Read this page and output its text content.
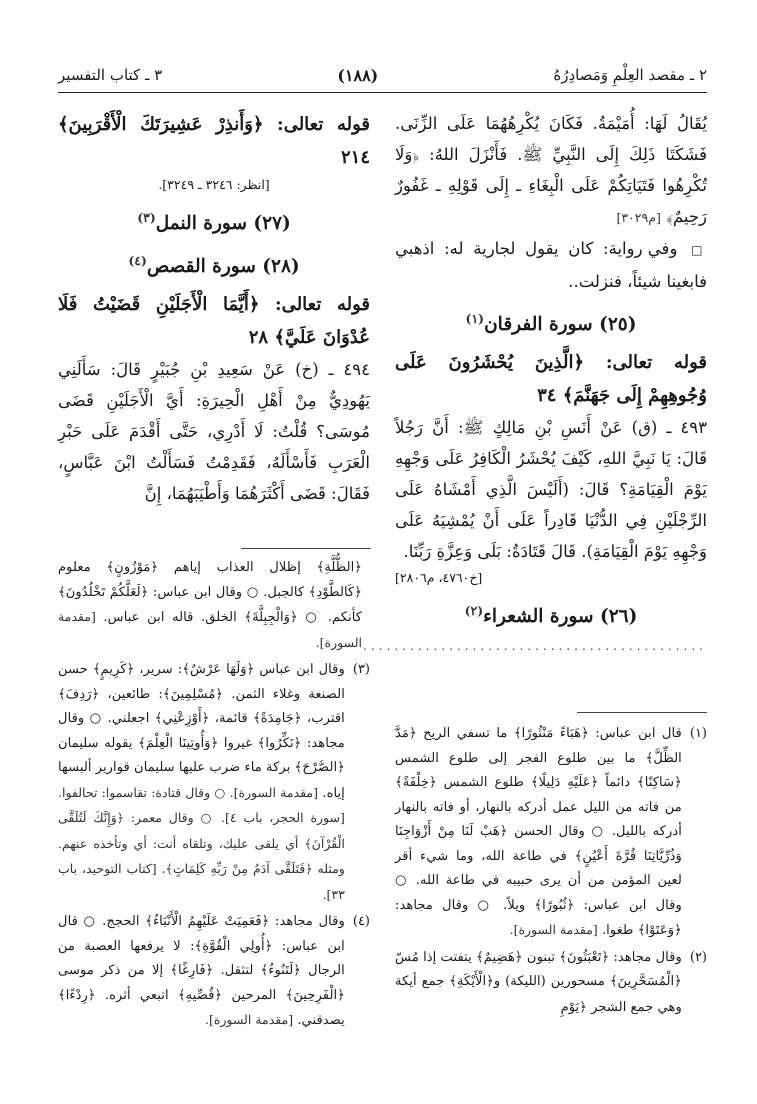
٢ ـ مقصد العِلْمِ وَمَصادِرُهُ
(١٨٨)
٣ ـ كتاب التفسير

يُقَالُ لَهَا: أُمَيْمَةُ. فَكَانَ يُكْرِهُهُمَا عَلَى الزِّنَى. فَشَكَتَا ذَلِكَ إِلَى النَّبِيِّ ﷺ. فَأَنْزَلَ اللهُ: ﴿وَلَا تُكْرِهُوا فَتَيَاتِكُمْ عَلَى الْبِغَاءِ ـ إِلَى قَوْلِهِ ـ غَفُورٌ رَحِيمٌ﴾ [م٣٠٢٩]

□ وفي رواية: كان يقول لجارية له: اذهبي فابغينا شيئاً، فنزلت..

(٢٥) سورة الفرقان$^{(١)}$

قوله تعالى: ﴿الَّذِينَ يُحْشَرُونَ عَلَى وُجُوهِهِمْ إِلَى جَهَنَّمَ﴾ ٣٤

٤٩٣ ـ (ق) عَنْ أَنَسِ بْنِ مَالِكٍ ﷺ: أَنَّ رَجُلاً قَالَ: يَا نَبِيَّ اللهِ، كَيْفَ يُحْشَرُ الْكَافِرُ عَلَى وَجْهِهِ يَوْمَ الْقِيَامَةِ؟ قَالَ: (أَلَيْسَ الَّذِي أَمْشَاهُ عَلَى الرِّجْلَيْنِ فِي الدُّنْيَا قَادِراً عَلَى أَنْ يُمْشِيَهُ عَلَى وَجْهِهِ يَوْمَ الْقِيَامَةِ). قَالَ قَتَادَةُ: بَلَى وَعِزَّةِ رَبِّنَا.

[خ٤٧٦٠، م٢٨٠٦]

(٢٦) سورة الشعراء$^{(٢)}$
............................................

قوله تعالى: ﴿وَأَنذِرْ عَشِيرَتَكَ الْأَقْرَبِينَ﴾ ٢١٤

[انظر: ٣٢٤٦ ـ ٣٢٤٩].

(٢٧) سورة النمل$^{(٣)}$
(٢٨) سورة القصص$^{(٤)}$

قوله تعالى: ﴿أَيَّمَا الْأَجَلَيْنِ قَضَيْتُ فَلَا عُدْوَانَ عَلَيَّ﴾ ٢٨

٤٩٤ ـ (خ) عَنْ سَعِيدِ بْنِ جُبَيْرٍ قَالَ: سَأَلَنِي يَهُودِيٌّ مِنْ أَهْلِ الْحِيرَةِ: أَيَّ الْأَجَلَيْنِ قَضَى مُوسَى؟ قُلْتُ: لَا أَدْرِي، حَتَّى أَقْدَمَ عَلَى حَبْرِ الْعَرَبِ فَأَسْأَلَهُ، فَقَدِمْتُ فَسَأَلْتُ ابْنَ عَبَّاسٍ، فَقَالَ: قَضَى أَكْثَرَهُمَا وَأَطْيَبَهُمَا، إِنَّ

(١)
قال ابن عباس: ﴿هَبَاءً مَنْثُورًا﴾ ما تسفي الريح ﴿مَدَّ الظِّلَّ﴾ ما بين طلوع الفجر إلى طلوع الشمس ﴿سَاكِنًا﴾ دائماً ﴿عَلَيْهِ دَلِيلًا﴾ طلوع الشمس ﴿خِلْفَةً﴾ من فاته من الليل عمل أدركه بالنهار، أو فاته بالنهار أدركه بالليل. ○ وقال الحسن ﴿هَبْ لَنَا مِنْ أَزْوَاجِنَا وَذُرِّيَّاتِنَا قُرَّةَ أَعْيُنٍ﴾ في طاعة الله، وما شيء أقر لعين المؤمن من أن يرى حبيبه في طاعة الله. ○ وقال ابن عباس: ﴿ثُبُورًا﴾ ويلاً. ○ وقال مجاهد: ﴿وَعَتَوْا﴾ طغوا. [مقدمة السورة].
(٢)
وقال مجاهد: ﴿تَعْبَثُونَ﴾ تبنون ﴿هَضِيمٌ﴾ يتفتت إذا مُسّ ﴿الْمُسَحَّرِينَ﴾ مسحورين (الليكة) و﴿الْأَيْكَةِ﴾ جمع أيكة وهي جمع الشجر ﴿يَوْمِ
﴿الظُّلَّةِ﴾ إظلال العذاب إياهم ﴿مَوْزُونٍ﴾ معلوم ﴿كَالطَّوْدِ﴾ كالجبل. ○ وقال ابن عباس: ﴿لَعَلَّكُمْ تَخْلُدُونَ﴾ كأنكم. ○ ﴿وَالْجِبِلَّةَ﴾ الخلق. قاله ابن عباس. [مقدمة السورة].
(٣)
وقال ابن عباس ﴿وَلَهَا عَرْشٌ﴾: سرير، ﴿كَرِيمٍ﴾ حسن الصنعة وغلاء الثمن. ﴿مُسْلِمِينَ﴾: طائعين، ﴿رَدِفَ﴾ اقترب، ﴿جَامِدَةً﴾ قائمة، ﴿أَوْزِعْنِي﴾ اجعلني. ○ وقال مجاهد: ﴿نَكِّرُوا﴾ غيروا ﴿وَأُوتِينَا الْعِلْمَ﴾ يقوله سليمان ﴿الصَّرْحَ﴾ بركة ماء ضرب عليها سليمان قوارير ألبسها إياه. [مقدمة السورة]. ○ وقال قتادة: تقاسموا: تحالفوا. [سورة الحجر، باب ٤]. ○ وقال معمر: ﴿وَإِنَّكَ لَتُلَقَّى الْقُرْآنَ﴾ أي يلقى عليك، وتلقاه أنت: أي وتأخذه عنهم. ومثله ﴿فَتَلَقَّى آدَمُ مِنْ رَبِّهِ كَلِمَاتٍ﴾. [كتاب التوحيد، باب ٣٣].
(٤)
وقال مجاهد: ﴿فَعَمِيَتْ عَلَيْهِمُ الْأَنْبَاءُ﴾ الحجج. ○ قال ابن عباس: ﴿أُولِي الْقُوَّةِ﴾: لا يرفعها العصبة من الرجال ﴿لَتَنُوءُ﴾ لتثقل. ﴿فَارِغًا﴾ إلا من ذكر موسى ﴿الْفَرِحِينَ﴾ المرحين ﴿قُصِّيهِ﴾ اتبعي أثره. ﴿رِدْءًا﴾ يصدقني. [مقدمة السورة].
